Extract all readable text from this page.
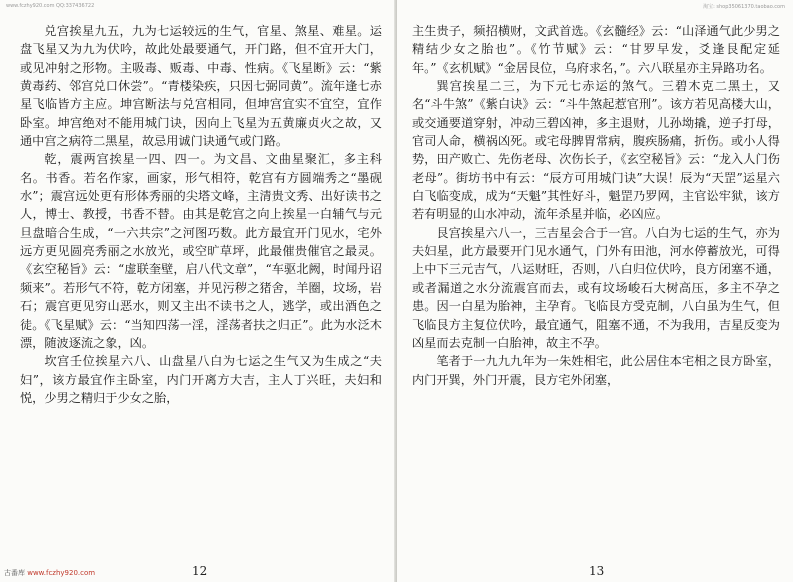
www.fczhy920.com QQ:337436722

兑宫挨星九五，九为七运较远的生气，官星、煞星、难星。运盘飞星又为九为伏吟，故此处最要通气，开门路，但不宜开大门，或见冲射之形物。主吸毒、贩毒、中毒、性病。《飞星断》云：“紫黄毒药、邻宫兑口休尝”。“青楼染疾，只因七弼同黄”。流年逢七赤星飞临皆方主应。坤宫断法与兑宫相同，但坤宫宜实不宜空，宜作卧室。坤宫绝对不能用城门诀，因向上飞星为五黄廉贞火之故，又通中宫之病符二黑星，故忌用诚门诀通气或门路。

乾，震两宫挨星一四、四一。为文昌、文曲星聚汇，多主科名。书香。若名作家，画家，形气相符，乾宫有方圆端秀之“墨砚水”；震宫远处更有形体秀丽的尖塔文峰，主清贵文秀、出好读书之人，博士、教授，书香不替。由其是乾宫之向上挨星一白辅气与元旦盘暗合生成，“一六共宗”之河图巧数。此方最宜开门见水，宅外远方更见圆亮秀丽之水放光，或空旷草坪，此最催贵催官之最灵。《玄空秘旨》云：“虚联奎壁，启八代文章”，“车驱北阙，时闻丹诏频来”。若形气不符，乾方闭塞，并见污秽之猪舍，羊圈，坟场，岩石；震宫更见穷山恶水，则又主出不读书之人，逃学，或出酒色之徒。《飞星赋》云：“当知四荡一淫，淫荡者扶之归正”。此为水泛木漂，随波逐流之象，凶。

坎宫壬位挨星六八、山盘星八白为七运之生气又为生成之“夫妇”，该方最宜作主卧室，内门开离方大吉，主人丁兴旺，夫妇和悦，少男之精归于少女之胎，

古番库 www.fczhy920.com	12
淘宝: shop35061370.taobao.com

主生贵子，频招横财，文武首选。《玄髓经》云：“山泽通气此少男之精结少女之胎也”。《竹节赋》云：“甘罗早发，爻逢艮配定延年。”《玄机赋》“金居艮位，乌府求名，”。六八联星亦主异路功名。

巽宫挨星二三，为下元七赤运的煞气。三碧木克二黑土，又名“斗牛煞”《紫白诀》云：“斗牛煞起惹官刑”。该方若见高楼大山，或交通要道穿射，冲动三碧凶神，多主退财，儿孙坳撬，逆子打母，官司人命，横祸凶死。或宅母脾胃常病，腹疾肠痛，折伤。或小人得势，田产败亡、先伤老母、次伤长子，《玄空秘旨》云：“龙入人门伤老母”。街坊书中有云：“辰方可用城门诀”大误！辰为“天罡”运星六白飞临变成，成为“天魁”其性好斗，魁罡乃罗网，主官讼牢狱，该方若有明显的山水冲动，流年杀星并临，必凶应。

艮宫挨星六八一，三吉星会合于一宫。八白为七运的生气，亦为夫妇星，此方最要开门见水通气，门外有田池，河水停蓄放光，可得上中下三元吉气，八运财旺，否则，八白归位伏吟，良方闭塞不通，或者漏道之水分流震宫而去，或有坟场峻石大树高压，多主不孕之患。因一白星为胎神，主孕育。飞临艮方受克制，八白虽为生气，但飞临艮方主复位伏吟，最宜通气，阻塞不通，不为我用，吉星反变为凶星而去克制一白胎神，故主不孕。

笔者于一九九九年为一朱姓相宅，此公居住本宅相之艮方卧室，内门开巽，外门开震，艮方宅外闭塞，

13
